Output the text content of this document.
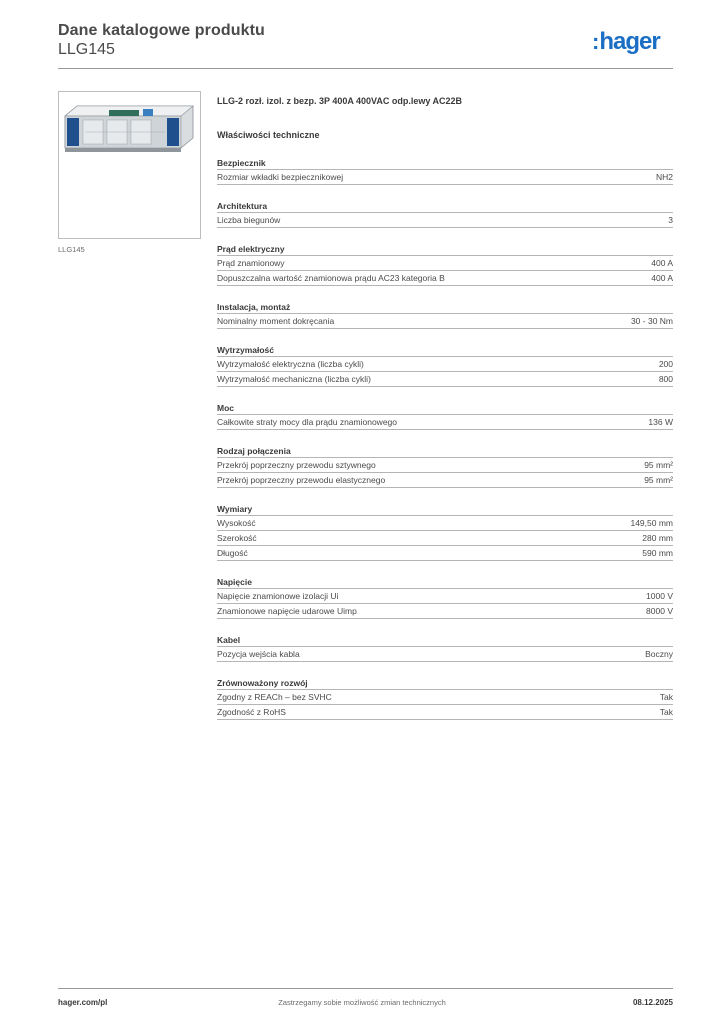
Dane katalogowe produktu
LLG145	:hager
LLG145
LLG-2 rozł. izol. z bezp. 3P 400A 400VAC odp.lewy AC22B
Właściwości techniczne
Bezpiecznik
Rozmiar wkładki bezpiecznikowej	NH2
Architektura
Liczba biegunów	3
Prąd elektryczny
Prąd znamionowy	400 A
Dopuszczalna wartość znamionowa prądu AC23 kategoria B	400 A
Instalacja, montaż
Nominalny moment dokręcania	30 - 30 Nm
Wytrzymałość
Wytrzymałość elektryczna (liczba cykli)	200
Wytrzymałość mechaniczna (liczba cykli)	800
Moc
Całkowite straty mocy dla prądu znamionowego	136 W
Rodzaj połączenia
Przekrój poprzeczny przewodu sztywnego	95 mm²
Przekrój poprzeczny przewodu elastycznego	95 mm²
Wymiary
Wysokość	149,50 mm
Szerokość	280 mm
Długość	590 mm
Napięcie
Napięcie znamionowe izolacji Ui	1000 V
Znamionowe napięcie udarowe Uimp	8000 V
Kabel
Pozycja wejścia kabla	Boczny
Zrównoważony rozwój
Zgodny z REACh – bez SVHC	Tak
Zgodność z RoHS	Tak
hager.com/pl	Zastrzegamy sobie możliwość zmian technicznych	08.12.2025
